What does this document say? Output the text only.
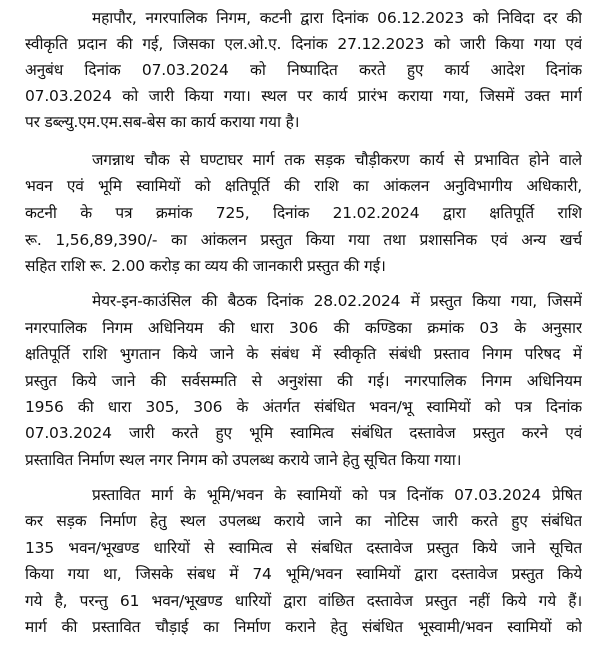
महापौर, नगरपालिक निगम, कटनी द्वारा दिनांक 06.12.2023 को निविदा दर की
स्वीकृति प्रदान की गई, जिसका एल.ओ.ए. दिनांक 27.12.2023 को जारी किया गया एवं
अनुबंध दिनांक 07.03.2024 को निष्पादित करते हुए कार्य आदेश दिनांक
07.03.2024 को जारी किया गया। स्थल पर कार्य प्रारंभ कराया गया, जिसमें उक्त मार्ग
पर डब्ल्यु.एम.एम.सब-बेस का कार्य कराया गया है।
जगन्नाथ चौक से घण्टाघर मार्ग तक सड़क चौड़ीकरण कार्य से प्रभावित होने वाले
भवन एवं भूमि स्वामियों को क्षतिपूर्ति की राशि का आंकलन अनुविभागीय अधिकारी,
कटनी के पत्र क्रमांक 725, दिनांक 21.02.2024 द्वारा क्षतिपूर्ति राशि
रू. 1,56,89,390/- का आंकलन प्रस्तुत किया गया तथा प्रशासनिक एवं अन्य खर्च
सहित राशि रू. 2.00 करोड़ का व्यय की जानकारी प्रस्तुत की गई।
मेयर-इन-काउंसिल की बैठक दिनांक 28.02.2024 में प्रस्तुत किया गया, जिसमें
नगरपालिक निगम अधिनियम की धारा 306 की कण्डिका क्रमांक 03 के अनुसार
क्षतिपूर्ति राशि भुगतान किये जाने के संबंध में स्वीकृति संबंधी प्रस्ताव निगम परिषद में
प्रस्तुत किये जाने की सर्वसम्मति से अनुशंसा की गई। नगरपालिक निगम अधिनियम
1956 की धारा 305, 306 के अंतर्गत संबंधित भवन/भू स्वामियों को पत्र दिनांक
07.03.2024 जारी करते हुए भूमि स्वामित्व संबंधित दस्तावेज प्रस्तुत करने एवं
प्रस्तावित निर्माण स्थल नगर निगम को उपलब्ध कराये जाने हेतु सूचित किया गया।
प्रस्तावित मार्ग के भूमि/भवन के स्वामियों को पत्र दिनॉक 07.03.2024 प्रेषित
कर सड़क निर्माण हेतु स्थल उपलब्ध कराये जाने का नोटिस जारी करते हुए संबंधित
135 भवन/भूखण्ड धारियों से स्वामित्व से संबधित दस्तावेज प्रस्तुत किये जाने सूचित
किया गया था, जिसके संबध में 74 भूमि/भवन स्वामियों द्वारा दस्तावेज प्रस्तुत किये
गये है, परन्तु 61 भवन/भूखण्ड धारियों द्वारा वांछित दस्तावेज प्रस्तुत नहीं किये गये हैं।
मार्ग की प्रस्तावित चौड़ाई का निर्माण कराने हेतु संबंधित भूस्वामी/भवन स्वामियों को
